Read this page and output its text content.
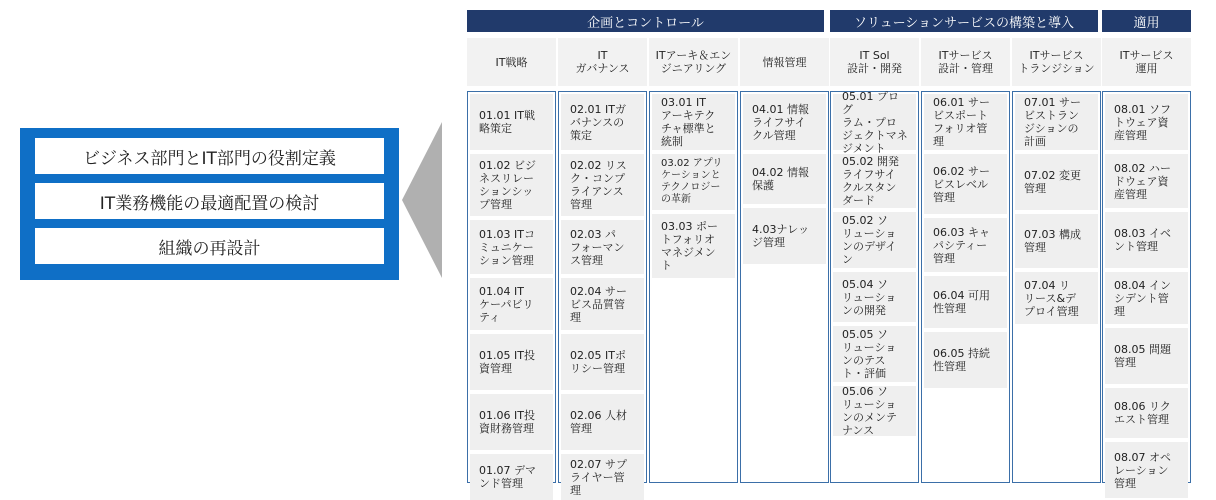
ビジネス部門とIT部門の役割定義
IT業務機能の最適配置の検討
組織の再設計
企画とコントロール	ソリューションサービスの構築と導入	適用
IT戦略
01.01 IT戦
略策定
01.02 ビジ
ネスリレー
ションシッ
プ管理
01.03 ITコ
ミュニケー
ション管理
01.04 IT
ケーパビリ
ティ
01.05 IT投
資管理
01.06 IT投
資財務管理
01.07 デマ
ンド管理
IT
ガバナンス
02.01 ITガ
バナンスの
策定
02.02 リス
ク・コンプ
ライアンス
管理
02.03 パ
フォーマン
ス管理
02.04 サー
ビス品質管
理
02.05 ITポ
リシー管理
02.06 人材
管理
02.07 サプ
ライヤー管
理
ITアーキ＆エン
ジニアリング
03.01 IT
アーキテク
チャ標準と
統制
03.02 アプリ
ケーションと
テクノロジー
の革新
03.03 ポー
トフォリオ
マネジメン
ト
情報管理
04.01 情報
ライフサイ
クル管理
04.02 情報
保護
4.03ナレッ
ジ管理
IT Sol
設計・開発
05.01 プログ
ラム・プロ
ジェクトマネ
ジメント
05.02 開発
ライフサイ
クルスタン
ダード
05.02 ソ
リューショ
ンのデザイ
ン
05.04 ソ
リューショ
ンの開発
05.05 ソ
リューショ
ンのテス
ト・評価
05.06 ソ
リューショ
ンのメンテ
ナンス
ITサービス
設計・管理
06.01 サー
ビスポート
フォリオ管
理
06.02 サー
ビスレベル
管理
06.03 キャ
パシティー
管理
06.04 可用
性管理
06.05 持続
性管理
ITサービス
トランジション
07.01 サー
ビストラン
ジションの
計画
07.02 変更
管理
07.03 構成
管理
07.04 リ
リース&デ
プロイ管理
ITサービス
運用
08.01 ソフ
トウェア資
産管理
08.02 ハー
ドウェア資
産管理
08.03 イベ
ント管理
08.04 イン
シデント管
理
08.05 問題
管理
08.06 リク
エスト管理
08.07 オペ
レーション
管理
